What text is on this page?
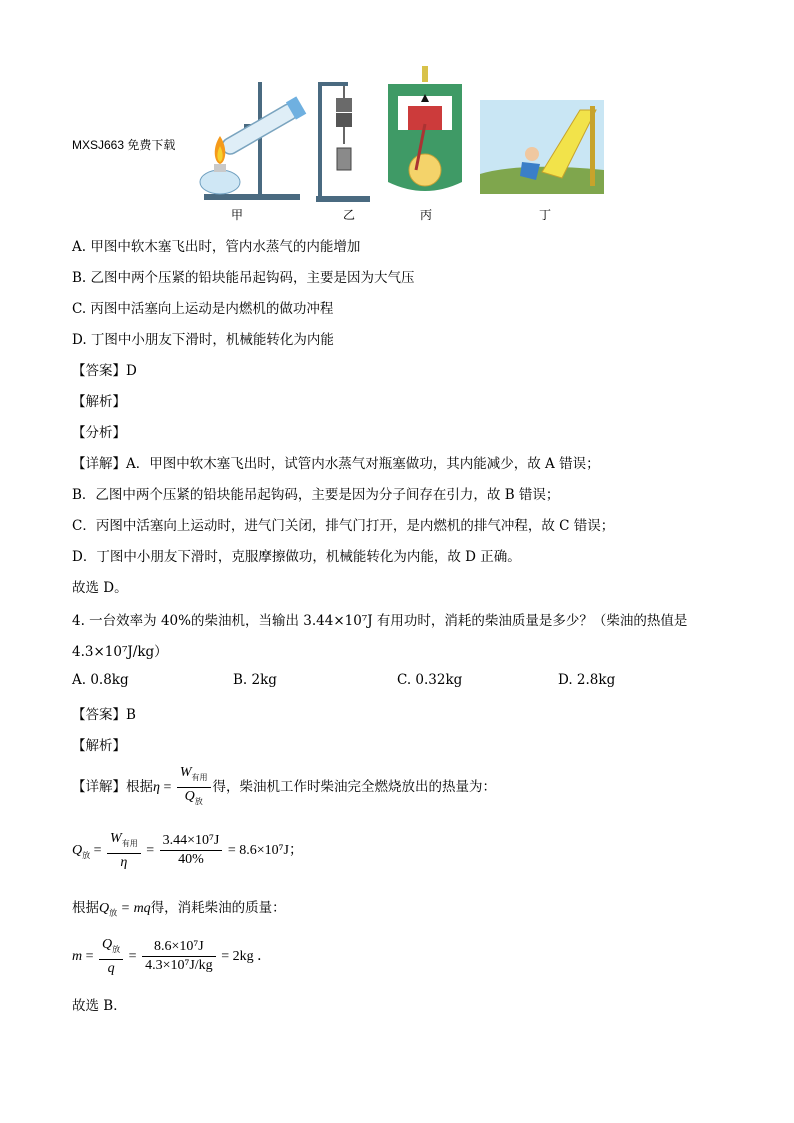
MXSJ663 免费下载
甲	乙	丙	丁
A. 甲图中软木塞飞出时，管内水蒸气的内能增加
B. 乙图中两个压紧的铅块能吊起钩码，主要是因为大气压
C. 丙图中活塞向上运动是内燃机的做功冲程
D. 丁图中小朋友下滑时，机械能转化为内能
【答案】D
【解析】
【分析】
【详解】A．甲图中软木塞飞出时，试管内水蒸气对瓶塞做功，其内能减少，故 A 错误；
B．乙图中两个压紧的铅块能吊起钩码，主要是因为分子间存在引力，故 B 错误；
C．丙图中活塞向上运动时，进气门关闭，排气门打开，是内燃机的排气冲程，故 C 错误；
D．丁图中小朋友下滑时，克服摩擦做功，机械能转化为内能，故 D 正确。
故选 D。
4. 一台效率为 40%的柴油机，当输出 3.44×10⁷J 有用功时，消耗的柴油质量是多少？（柴油的热值是
4.3×10⁷J/kg）
A. 0.8kg	B. 2kg	C. 0.32kg	D. 2.8kg
【答案】B
【解析】
【详解】根据$\eta = \frac{W_{有用}}{Q_放}$ 得，柴油机工作时柴油完全燃烧放出的热量为：
$Q_放 = \frac{W_{有用}}{\eta} = \frac{\text{3.44×10⁷J}}{40\%} = 8.6\times 10^7J$；
根据$Q_放$ = mq得，消耗柴油的质量：
$m = \frac{Q_放}{q} = \frac{\text{8.6×10⁷J}}{\text{4.3×10⁷J/kg}} = 2kg$ ．
故选 B．
